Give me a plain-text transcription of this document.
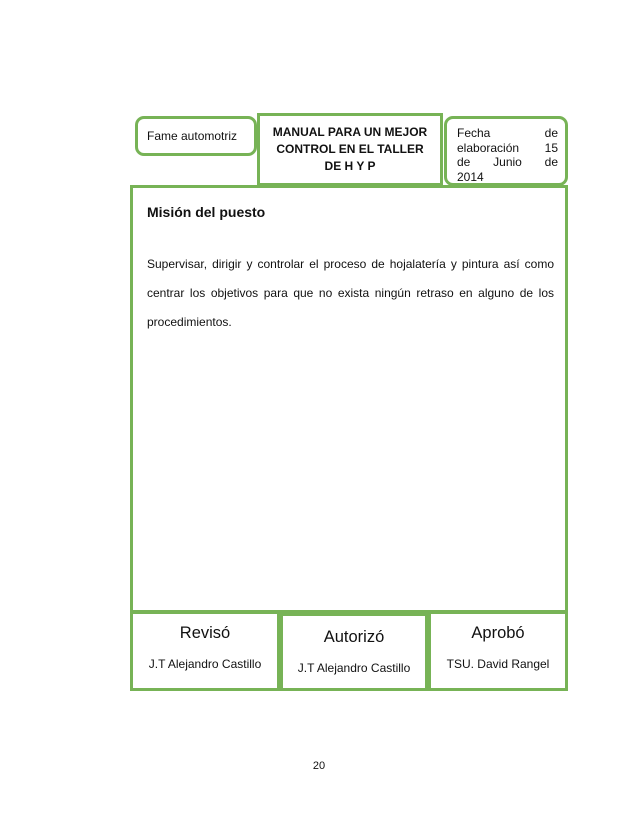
Fame automotriz	MANUAL PARA UN MEJOR CONTROL EN EL TALLER DE H Y P
Fecha de
elaboración 15
de Junio de
2014
Misión del puesto
Supervisar, dirigir y controlar el proceso de hojalatería y pintura así como centrar los objetivos para que no exista ningún retraso en alguno de los procedimientos.
Revisó
J.T Alejandro Castillo
Autorizó
J.T Alejandro Castillo
Aprobó
TSU. David Rangel
20
